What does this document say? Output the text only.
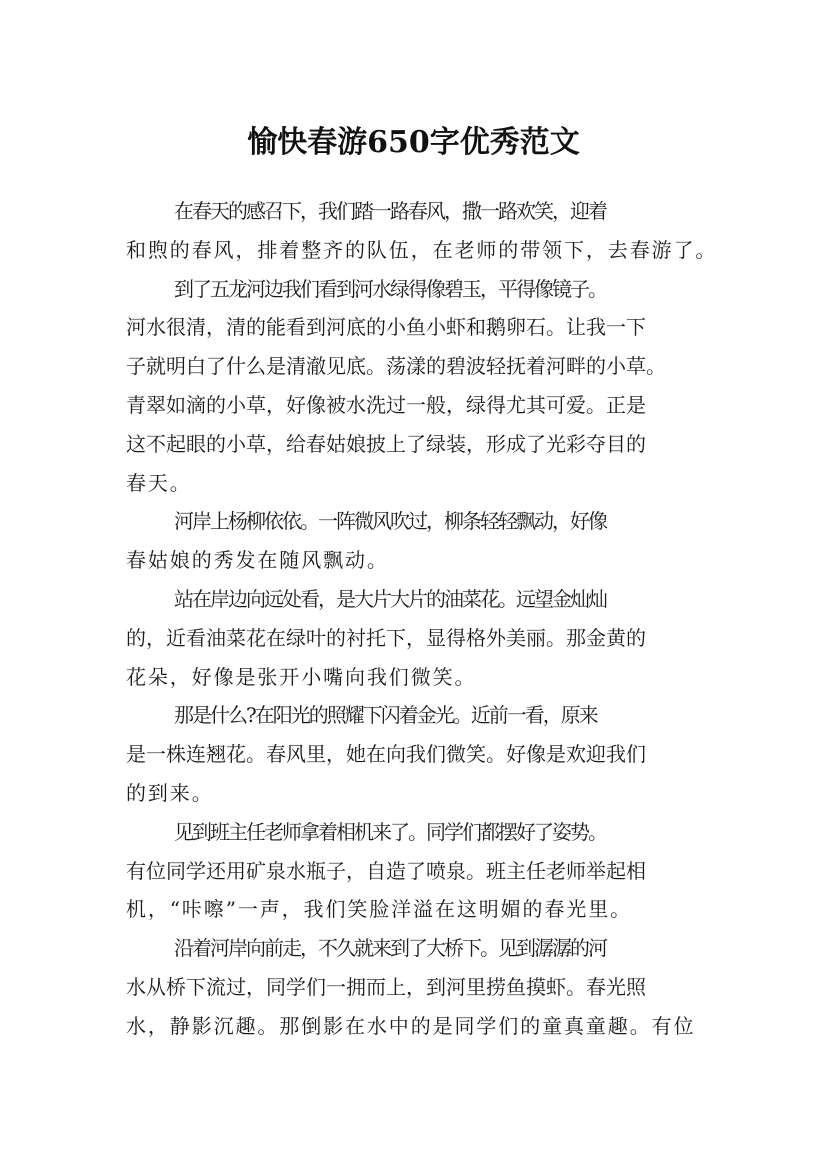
愉快春游650字优秀范文

在春天的感召下，我们踏一路春风，撒一路欢笑，迎着
和煦的春风，排着整齐的队伍，在老师的带领下，去春游了。

到了五龙河边我们看到河水绿得像碧玉，平得像镜子。
河水很清，清的能看到河底的小鱼小虾和鹅卵石。让我一下
子就明白了什么是清澈见底。荡漾的碧波轻抚着河畔的小草。
青翠如滴的小草，好像被水洗过一般，绿得尤其可爱。正是
这不起眼的小草，给春姑娘披上了绿装，形成了光彩夺目的
春天。

河岸上杨柳依依。一阵微风吹过，柳条轻轻飘动，好像
春姑娘的秀发在随风飘动。

站在岸边向远处看，是大片大片的油菜花。远望金灿灿
的，近看油菜花在绿叶的衬托下，显得格外美丽。那金黄的
花朵，好像是张开小嘴向我们微笑。

那是什么?在阳光的照耀下闪着金光。近前一看，原来
是一株连翘花。春风里，她在向我们微笑。好像是欢迎我们
的到来。

见到班主任老师拿着相机来了。同学们都摆好了姿势。
有位同学还用矿泉水瓶子，自造了喷泉。班主任老师举起相
机，“咔嚓”一声，我们笑脸洋溢在这明媚的春光里。

沿着河岸向前走，不久就来到了大桥下。见到潺潺的河
水从桥下流过，同学们一拥而上，到河里捞鱼摸虾。春光照
水，静影沉趣。那倒影在水中的是同学们的童真童趣。有位
